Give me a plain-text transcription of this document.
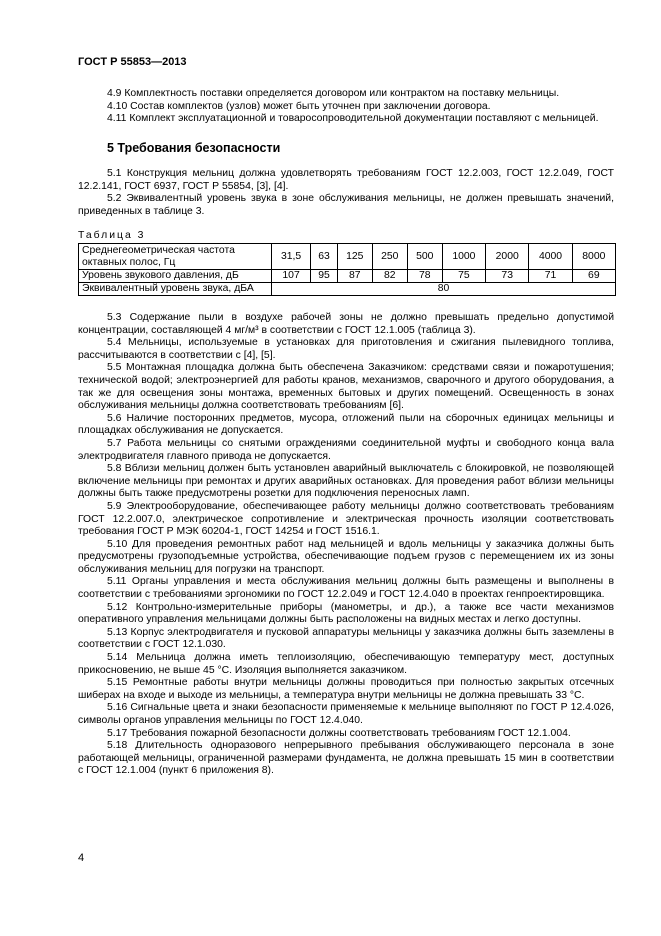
ГОСТ Р 55853—2013

4.9 Комплектность поставки определяется договором или контрактом на поставку мельницы.

4.10 Состав комплектов (узлов) может быть уточнен при заключении договора.

4.11 Комплект эксплуатационной и товаросопроводительной документации поставляют с мельницей.

5 Требования безопасности

5.1 Конструкция мельниц должна удовлетворять требованиям ГОСТ 12.2.003, ГОСТ 12.2.049, ГОСТ 12.2.141, ГОСТ 6937, ГОСТ Р 55854, [3], [4].

5.2 Эквивалентный уровень звука в зоне обслуживания мельницы, не должен превышать значений, приведенных в таблице 3.

Таблица 3
Среднегеометрическая частота октавных полос, Гц	31,5	63	125	250	500	1000	2000	4000	8000
Уровень звукового давления, дБ	107	95	87	82	78	75	73	71	69
Эквивалентный уровень звука, дБА	80								

5.3 Содержание пыли в воздухе рабочей зоны не должно превышать предельно допустимой концентрации, составляющей 4 мг/м³ в соответствии с ГОСТ 12.1.005 (таблица 3).

5.4 Мельницы, используемые в установках для приготовления и сжигания пылевидного топлива, рассчитываются в соответствии с [4], [5].

5.5 Монтажная площадка должна быть обеспечена Заказчиком: средствами связи и пожаротушения; технической водой; электроэнергией для работы кранов, механизмов, сварочного и другого оборудования, а так же для освещения зоны монтажа, временных бытовых и других помещений. Освещенность в зонах обслуживания мельницы должна соответствовать требованиям [6].

5.6 Наличие посторонних предметов, мусора, отложений пыли на сборочных единицах мельницы и площадках обслуживания не допускается.

5.7 Работа мельницы со снятыми ограждениями соединительной муфты и свободного конца вала электродвигателя главного привода не допускается.

5.8 Вблизи мельниц должен быть установлен аварийный выключатель с блокировкой, не позволяющей включение мельницы при ремонтах и других аварийных остановках. Для проведения работ вблизи мельницы должны быть также предусмотрены розетки для подключения переносных ламп.

5.9 Электрооборудование, обеспечивающее работу мельницы должно соответствовать требованиям ГОСТ 12.2.007.0, электрическое сопротивление и электрическая прочность изоляции соответствовать требования ГОСТ Р МЭК 60204-1, ГОСТ 14254 и ГОСТ 1516.1.

5.10 Для проведения ремонтных работ над мельницей и вдоль мельницы у заказчика должны быть предусмотрены грузоподъемные устройства, обеспечивающие подъем грузов с перемещением их из зоны обслуживания мельниц для погрузки на транспорт.

5.11 Органы управления и места обслуживания мельниц должны быть размещены и выполнены в соответствии с требованиями эргономики по ГОСТ 12.2.049 и ГОСТ 12.4.040 в проектах генпроектировщика.

5.12 Контрольно-измерительные приборы (манометры, и др.), а также все части механизмов оперативного управления мельницами должны быть расположены на видных местах и легко доступны.

5.13 Корпус электродвигателя и пусковой аппаратуры мельницы у заказчика должны быть заземлены в соответствии с ГОСТ 12.1.030.

5.14 Мельница должна иметь теплоизоляцию, обеспечивающую температуру мест, доступных прикосновению, не выше 45 °С. Изоляция выполняется заказчиком.

5.15 Ремонтные работы внутри мельницы должны проводиться при полностью закрытых отсечных шиберах на входе и выходе из мельницы, а температура внутри мельницы не должна превышать 33 °С.

5.16 Сигнальные цвета и знаки безопасности применяемые к мельнице выполняют по ГОСТ Р 12.4.026, символы органов управления мельницы по ГОСТ 12.4.040.

5.17 Требования пожарной безопасности должны соответствовать требованиям ГОСТ 12.1.004.

5.18 Длительность одноразового непрерывного пребывания обслуживающего персонала в зоне работающей мельницы, ограниченной размерами фундамента, не должна превышать 15 мин в соответствии с ГОСТ 12.1.004 (пункт 6 приложения 8).

4
